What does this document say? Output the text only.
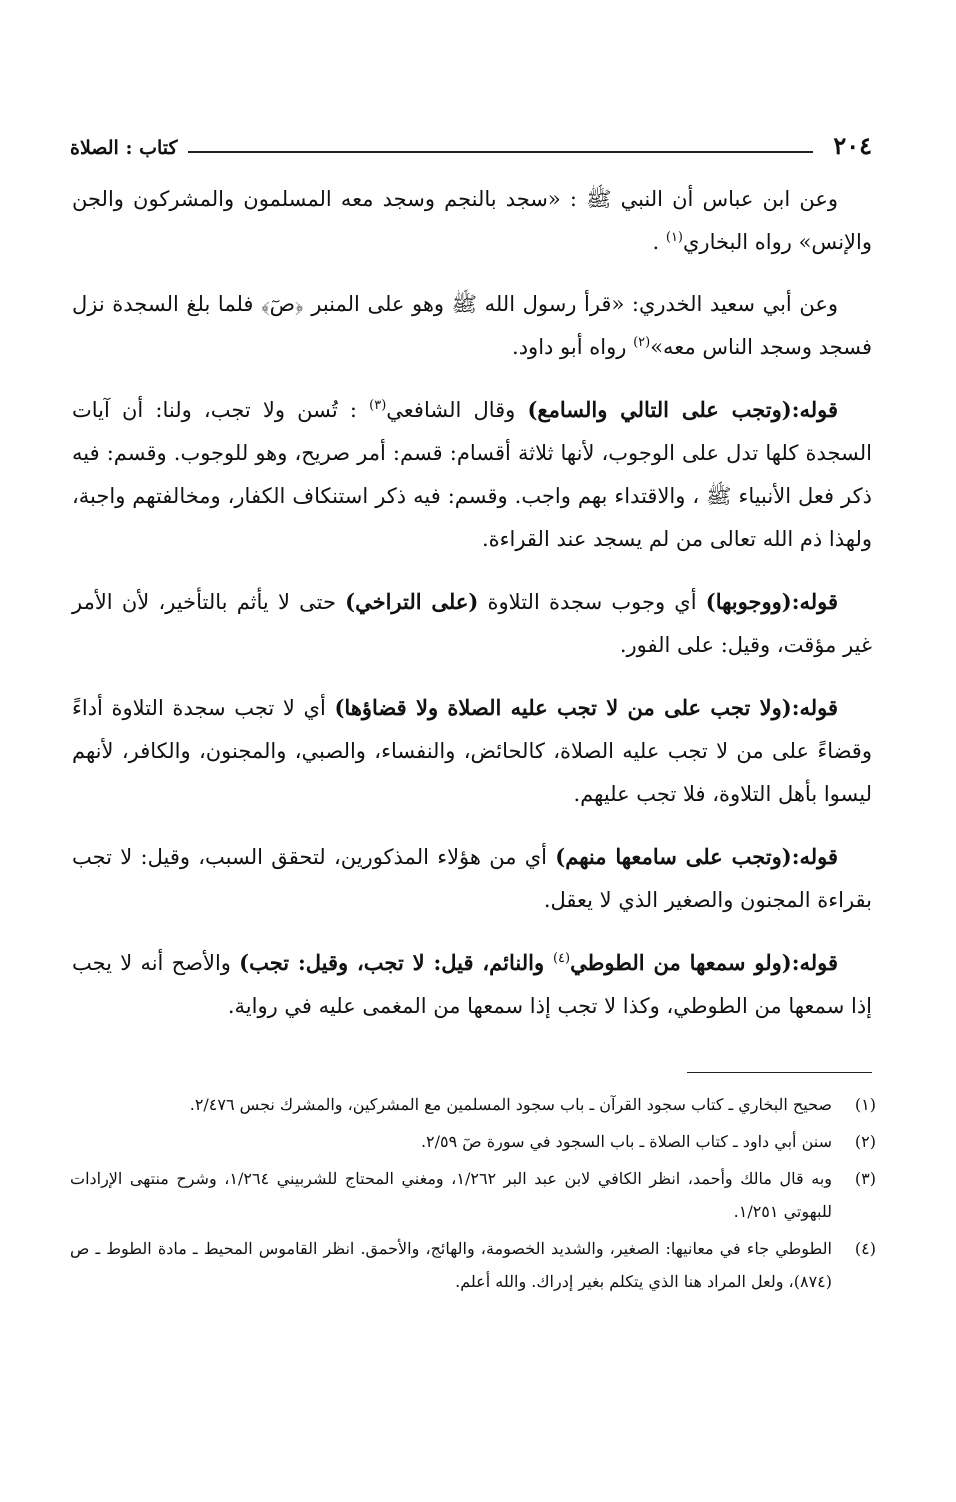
٢٠٤
كتاب : الصلاة

وعن ابن عباس أن النبي ﷺ : «سجد بالنجم وسجد معه المسلمون والمشركون والجن والإنس» رواه البخاري$^{(١)}$ .

وعن أبي سعيد الخدري: «قرأ رسول الله ﷺ وهو على المنبر ﴿صٓ﴾ فلما بلغ السجدة نزل فسجد وسجد الناس معه»$^{(٢)}$ رواه أبو داود.

قوله:(وتجب على التالي والسامع) وقال الشافعي$^{(٣)}$ : تُسن ولا تجب، ولنا: أن آيات السجدة كلها تدل على الوجوب، لأنها ثلاثة أقسام: قسم: أمر صريح، وهو للوجوب. وقسم: فيه ذكر فعل الأنبياء ﷺ ، والاقتداء بهم واجب. وقسم: فيه ذكر استنكاف الكفار، ومخالفتهم واجبة، ولهذا ذم الله تعالى من لم يسجد عند القراءة.

قوله:(ووجوبها) أي وجوب سجدة التلاوة (على التراخي) حتى لا يأثم بالتأخير، لأن الأمر غير مؤقت، وقيل: على الفور.

قوله:(ولا تجب على من لا تجب عليه الصلاة ولا قضاؤها) أي لا تجب سجدة التلاوة أداءً وقضاءً على من لا تجب عليه الصلاة، كالحائض، والنفساء، والصبي، والمجنون، والكافر، لأنهم ليسوا بأهل التلاوة، فلا تجب عليهم.

قوله:(وتجب على سامعها منهم) أي من هؤلاء المذكورين، لتحقق السبب، وقيل: لا تجب بقراءة المجنون والصغير الذي لا يعقل.

قوله:(ولو سمعها من الطوطي$^{(٤)}$ والنائم، قيل: لا تجب، وقيل: تجب) والأصح أنه لا يجب إذا سمعها من الطوطي، وكذا لا تجب إذا سمعها من المغمى عليه في رواية.

(١)
صحيح البخاري ـ كتاب سجود القرآن ـ باب سجود المسلمين مع المشركين، والمشرك نجس ٢/٤٧٦.
(٢)
سنن أبي داود ـ كتاب الصلاة ـ باب السجود في سورة صٓ ٢/٥٩.
(٣)
وبه قال مالك وأحمد، انظر الكافي لابن عبد البر ١/٢٦٢، ومغني المحتاج للشربيني ١/٢٦٤، وشرح منتهى الإرادات للبهوتي ١/٢٥١.
(٤)
الطوطي جاء في معانيها: الصغير، والشديد الخصومة، والهائج، والأحمق. انظر القاموس المحيط ـ مادة الطوط ـ ص (٨٧٤)، ولعل المراد هنا الذي يتكلم بغير إدراك. والله أعلم.
